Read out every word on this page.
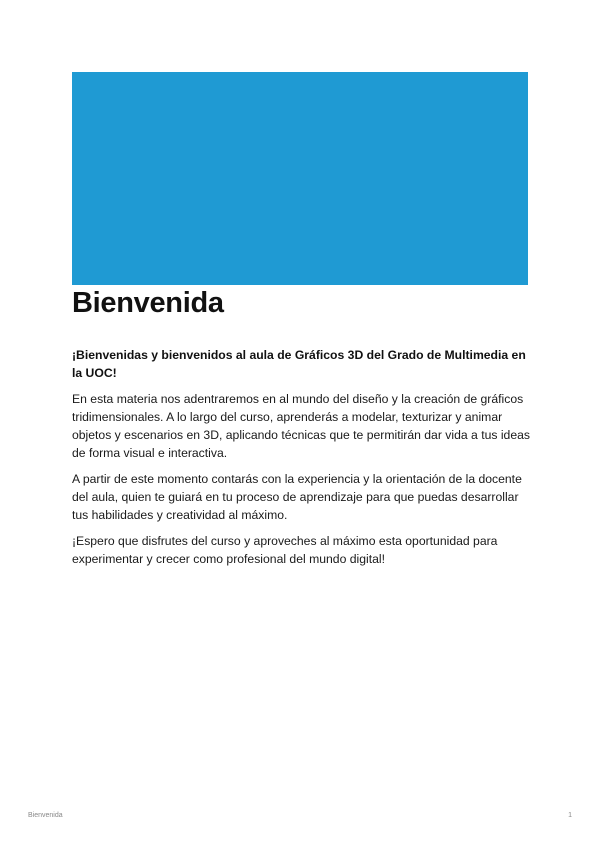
Bienvenida

¡Bienvenidas y bienvenidos al aula de Gráficos 3D del Grado de Multimedia en la UOC!

En esta materia nos adentraremos en al mundo del diseño y la creación de gráficos tridimensionales. A lo largo del curso, aprenderás a modelar, texturizar y animar objetos y escenarios en 3D, aplicando técnicas que te permitirán dar vida a tus ideas de forma visual e interactiva.

A partir de este momento contarás con la experiencia y la orientación de la docente del aula, quien te guiará en tu proceso de aprendizaje para que puedas desarrollar tus habilidades y creatividad al máximo.

¡Espero que disfrutes del curso y aproveches al máximo esta oportunidad para experimentar y crecer como profesional del mundo digital!

Bienvenida	1
